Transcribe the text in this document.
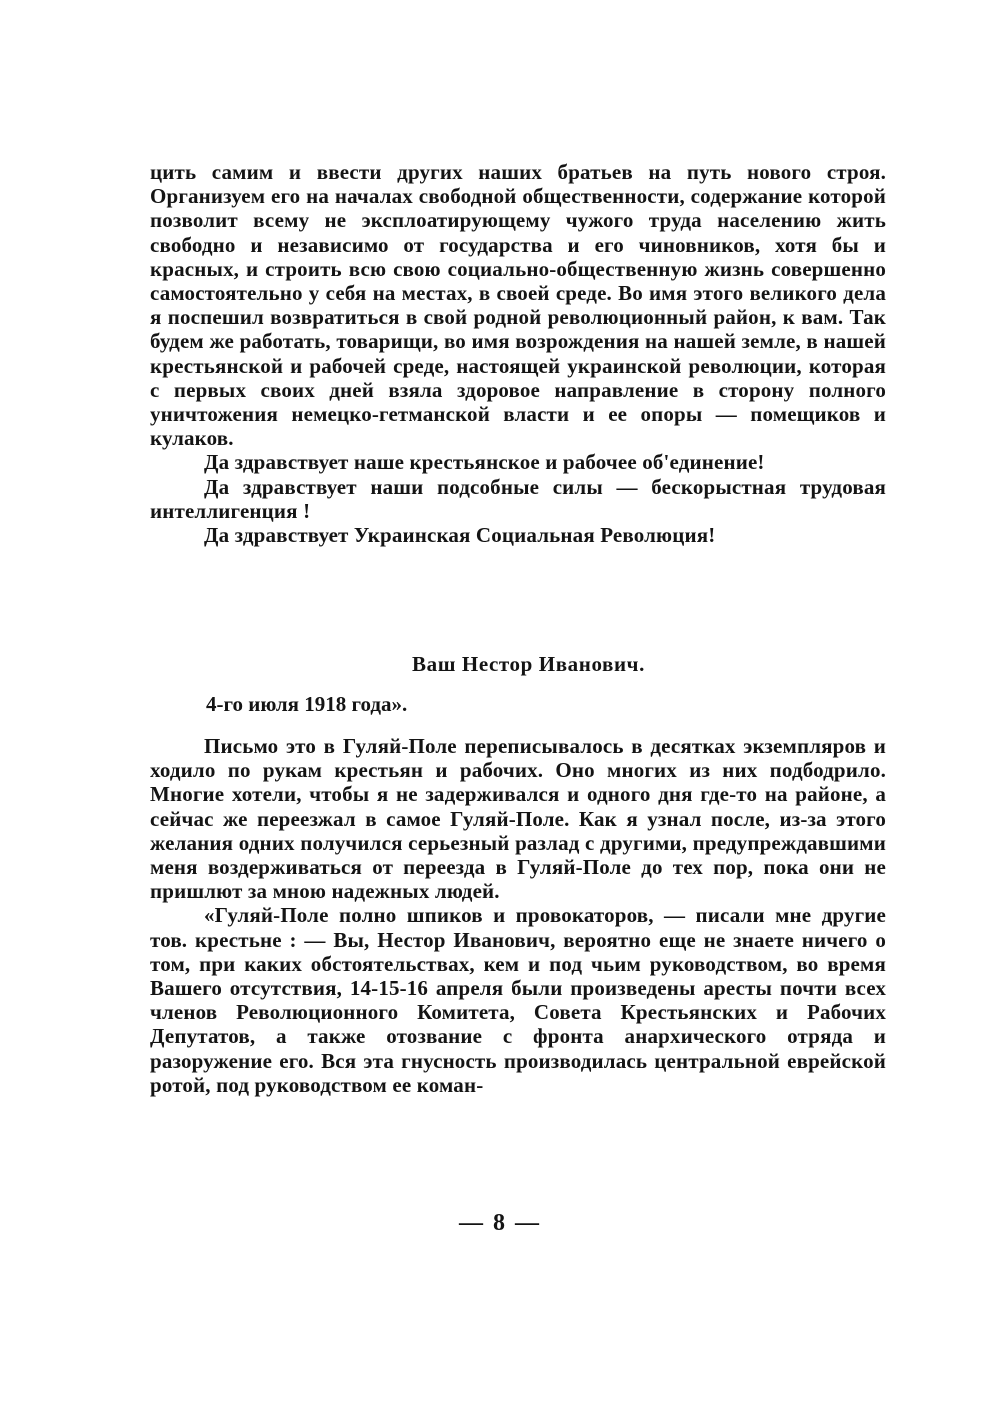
цить самим и ввести других наших братьев на путь нового строя. Организуем его на началах свободной общественности, содержание которой позволит всему не эксплоатирующему чужого труда населению жить свободно и независимо от государства и его чиновников, хотя бы и красных, и строить всю свою социально-общественную жизнь совершенно самостоятельно у себя на местах, в своей среде. Во имя этого великого дела я поспешил возвратиться в свой родной революционный район, к вам. Так будем же работать, товарищи, во имя возрождения на нашей земле, в нашей крестьянской и рабочей среде, настоящей украинской революции, которая с первых своих дней взяла здоровое направление в сторону полного уничтожения немецко-гетманской власти и ее опоры — помещиков и кулаков.

Да здравствует наше крестьянское и рабочее об'единение!

Да здравствует наши подсобные силы — бескорыстная трудовая интеллигенция !

Да здравствует Украинская Социальная Революция!

Ваш Нестор Иванович.
4-го июля 1918 года».

Письмо это в Гуляй-Поле переписывалось в десятках экземпляров и ходило по рукам крестьян и рабочих. Оно многих из них подбодрило. Многие хотели, чтобы я не задерживался и одного дня где-то на районе, а сейчас же переезжал в самое Гуляй-Поле. Как я узнал после, из-за этого желания одних получился серьезный разлад с другими, предупреждавшими меня воздерживаться от переезда в Гуляй-Поле до тех пор, пока они не пришлют за мною надежных людей.

«Гуляй-Поле полно шпиков и провокаторов, — писали мне другие тов. крестьне : — Вы, Нестор Иванович, вероятно еще не знаете ничего о том, при каких обстоятельствах, кем и под чьим руководством, во время Вашего отсутствия, 14-15-16 апреля были произведены аресты почти всех членов Революционного Комитета, Совета Крестьянских и Рабочих Депутатов, а также отозвание с фронта анархического отряда и разоружение его. Вся эта гнусность производилась центральной еврейской ротой, под руководством ее коман-

— 8 —
